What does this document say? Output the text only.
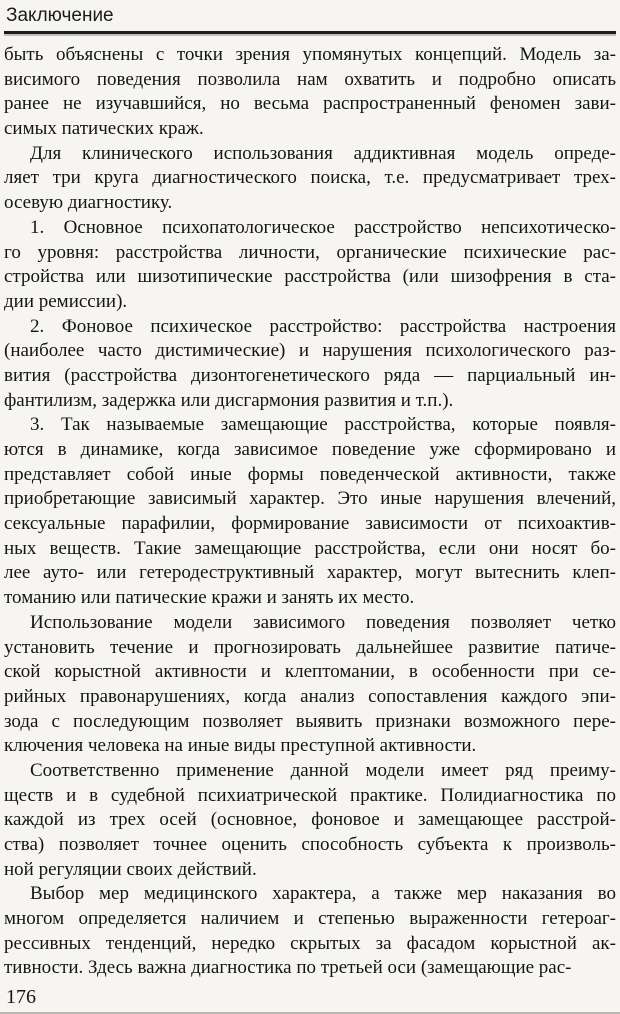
Заключение
быть объяснены с точки зрения упомянутых концепций. Модель за-
висимого поведения позволила нам охватить и подробно описать
ранее не изучавшийся, но весьма распространенный феномен зави-
симых патических краж.
Для клинического использования аддиктивная модель опреде-
ляет три круга диагностического поиска, т.е. предусматривает трех-
осевую диагностику.
1. Основное психопатологическое расстройство непсихотическо-
го уровня: расстройства личности, органические психические рас-
стройства или шизотипические расстройства (или шизофрения в ста-
дии ремиссии).
2. Фоновое психическое расстройство: расстройства настроения
(наиболее часто дистимические) и нарушения психологического раз-
вития (расстройства дизонтогенетического ряда — парциальный ин-
фантилизм, задержка или дисгармония развития и т.п.).
3. Так называемые замещающие расстройства, которые появля-
ются в динамике, когда зависимое поведение уже сформировано и
представляет собой иные формы поведенческой активности, также
приобретающие зависимый характер. Это иные нарушения влечений,
сексуальные парафилии, формирование зависимости от психоактив-
ных веществ. Такие замещающие расстройства, если они носят бо-
лее ауто- или гетеродеструктивный характер, могут вытеснить клеп-
томанию или патические кражи и занять их место.
Использование модели зависимого поведения позволяет четко
установить течение и прогнозировать дальнейшее развитие патиче-
ской корыстной активности и клептомании, в особенности при се-
рийных правонарушениях, когда анализ сопоставления каждого эпи-
зода с последующим позволяет выявить признаки возможного пере-
ключения человека на иные виды преступной активности.
Соответственно применение данной модели имеет ряд преиму-
ществ и в судебной психиатрической практике. Полидиагностика по
каждой из трех осей (основное, фоновое и замещающее расстрой-
ства) позволяет точнее оценить способность субъекта к произволь-
ной регуляции своих действий.
Выбор мер медицинского характера, а также мер наказания во
многом определяется наличием и степенью выраженности гетероаг-
рессивных тенденций, нередко скрытых за фасадом корыстной ак-
тивности. Здесь важна диагностика по третьей оси (замещающие рас-
176
